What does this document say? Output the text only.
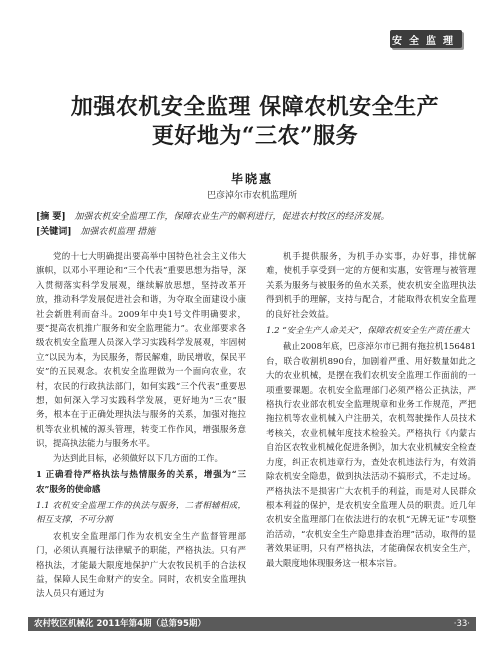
安全监理
加强农机安全监理 保障农机安全生产
更好地为“三农”服务
毕晓惠
巴彦淖尔市农机监理所
[摘 要] 加强农机安全监理工作，保障农业生产的顺利进行，促进农村牧区的经济发展。
[关键词] 加强农机监理 措施

党的十七大明确提出要高举中国特色社会主义伟大旗帜，以邓小平理论和“三个代表”重要思想为指导，深入贯彻落实科学发展观，继续解放思想，坚持改革开放，推动科学发展促进社会和谐，为夺取全面建设小康社会新胜利而奋斗。2009年中央1号文件明确要求，要“提高农机推广服务和安全监理能力”。农业部要求各级农机安全监理人员深入学习实践科学发展观，牢固树立“以民为本，为民服务，帮民解难，助民增收，保民平安”的五民观念。农机安全监理做为一个面向农业，农村，农民的行政执法部门，如何实践“三个代表”重要思想，如何深入学习实践科学发展，更好地为“三农”服务，根本在于正确处理执法与服务的关系，加强对拖拉机等农业机械的源头管理，转变工作作风，增强服务意识，提高执法能力与服务水平。

为达到此目标，必须做好以下几方面的工作。

1 正确看待严格执法与热情服务的关系，增强为“三农”服务的使命感

1.1 农机安全监理工作的执法与服务，二者相辅相成，相互支撑，不可分割

农机安全监理部门作为农机安全生产监督管理部门，必须认真履行法律赋予的职能，严格执法。只有严格执法，才能最大限度地保护广大农牧民机手的合法权益，保障人民生命财产的安全。同时，农机安全监理执法人员只有通过为

机手提供服务，为机手办实事，办好事，排忧解难，使机手享受到一定的方便和实惠，安管理与被管理关系为服务与被服务的鱼水关系，使农机安全监理执法得到机手的理解，支持与配合，才能取得农机安全监理的良好社会效益。

1.2 “安全生产人命关天”，保障农机安全生产责任重大

截止2008年底，巴彦淖尔市已拥有拖拉机156481台，联合收割机890台，加剧着严重、用好数量如此之大的农业机械，是摆在我们农机安全监理工作面前的一项重要课题。农机安全监理部门必须严格公正执法，严格执行农业部农机安全监理规章和业务工作规范，严把拖拉机等农业机械入户注册关，农机驾驶操作人员技术考核关，农业机械年度技术检验关。严格执行《内蒙古自治区农牧业机械化促进条例》，加大农业机械安全检查力度，纠正农机违章行为，查处农机违法行为，有效消除农机安全隐患，做到执法活动不搞形式，不走过场。严格执法不是损害广大农机手的利益，而是对人民群众根本利益的保护，是农机安全监理人员的职责。近几年农机安全监理部门在依法进行的农机“无牌无证”专项整治活动，“农机安全生产隐患排查治理”活动，取得的显著效果证明，只有严格执法，才能确保农机安全生产，最大限度地体现服务这一根本宗旨。

农村牧区机械化 2011年第4期（总第95期）	·33·
